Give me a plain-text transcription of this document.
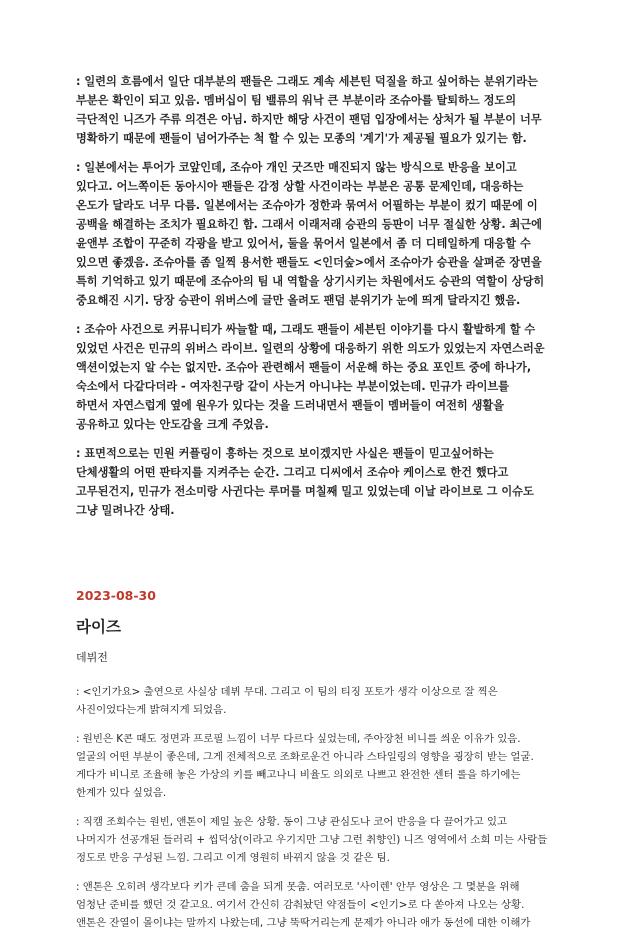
: 일련의 흐름에서 일단 대부분의 팬들은 그래도 계속 세븐틴 덕질을 하고 싶어하는 분위기라는
부분은 확인이 되고 있음. 멤버십이 팀 밸류의 워낙 큰 부분이라 조슈아를 탈퇴하느 정도의
극단적인 니즈가 주류 의견은 아님. 하지만 해당 사건이 팬덤 입장에서는 상처가 될 부분이 너무
명확하기 때문에 팬들이 넘어가주는 척 할 수 있는 모종의 '계기'가 제공될 필요가 있기는 함.

: 일본에서는 투어가 코앞인데, 조슈아 개인 굿즈만 매진되지 않는 방식으로 반응을 보이고
있다고. 어느쪽이든 동아시아 팬들은 감정 상할 사건이라는 부분은 공통 문제인데, 대응하는
온도가 달라도 너무 다름. 일본에서는 조슈아가 정한과 묶여서 어필하는 부분이 컸기 때문에 이
공백을 해결하는 조치가 필요하긴 함. 그래서 이래저래 승관의 등판이 너무 절실한 상황. 최근에
윤앤부 조합이 꾸준히 각광을 받고 있어서, 둘을 묶어서 일본에서 좀 더 디테일하게 대응할 수
있으면 좋겠음. 조슈아를 좀 일찍 용서한 팬들도 <인더숲>에서 조슈아가 승관을 살펴준 장면을
특히 기억하고 있기 때문에 조슈아의 팀 내 역할을 상기시키는 차원에서도 승관의 역할이 상당히
중요해진 시기. 당장 승관이 위버스에 글만 올려도 팬덤 분위기가 눈에 띄게 달라지긴 했음.

: 조슈아 사건으로 커뮤니티가 싸늘할 때, 그래도 팬들이 세븐틴 이야기를 다시 활발하게 할 수
있었던 사건은 민규의 위버스 라이브. 일련의 상황에 대응하기 위한 의도가 있었는지 자연스러운
액션이었는지 알 수는 없지만. 조슈아 관련해서 팬들이 서운해 하는 중요 포인트 중에 하나가,
숙소에서 다같다더라 - 여자친구랑 같이 사는거 아니냐는 부분이었는데. 민규가 라이브를
하면서 자연스럽게 옆에 원우가 있다는 것을 드러내면서 팬들이 멤버들이 여전히 생활을
공유하고 있다는 안도감을 크게 주었음.

: 표면적으로는 민원 커플링이 흥하는 것으로 보이겠지만 사실은 팬들이 믿고싶어하는
단체생활의 어떤 판타지를 지켜주는 순간. 그리고 디씨에서 조슈아 케이스로 한건 했다고
고무된건지, 민규가 전소미랑 사귄다는 루머를 며칠째 밀고 있었는데 이날 라이브로 그 이슈도
그냥 밀려나간 상태.

2023-08-30
라이즈
데뷔전

: <인기가요> 출연으로 사실상 데뷔 무대. 그리고 이 팀의 티징 포토가 생각 이상으로 잘 찍은
사진이었다는게 밝혀지게 되었음.

: 원빈은 K콘 때도 정면과 프로필 느낌이 너무 다르다 싶었는데, 주아장천 비니를 씌운 이유가 있음.
얼굴의 어떤 부분이 좋은데, 그게 전체적으로 조화로운건 아니라 스타일링의 영향을 굉장히 받는 얼굴.
게다가 비니로 조율해 놓은 가상의 키를 빼고나니 비율도 의외로 나쁘고 완전한 센터 롤을 하기에는
한계가 있다 싶었음.

: 직캠 조회수는 원빈, 앤톤이 제일 높은 상황. 동이 그냥 관심도나 코어 반응을 다 끌어가고 있고
나머지가 선공개된 들러리 + 씹덕상(이라고 우기지만 그냥 그런 취향인) 니즈 영역에서 소희 미는 사람들
정도로 반응 구성된 느낌. 그리고 이게 영원히 바뀌지 않을 것 같은 팀.

: 앤톤은 오히려 생각보다 키가 큰데 춤을 되게 못춤. 여러모로 '사이렌' 안무 영상은 그 몇분을 위해
엄청난 준비를 했던 것 같고요. 여기서 간신히 감춰놨던 약점들이 <인기>로 다 쏟아져 나오는 상황.
앤톤은 잔열이 몰이냐는 말까지 나왔는데, 그냥 뚝딱거리는게 문제가 아니라 애가 동선에 대한 이해가
